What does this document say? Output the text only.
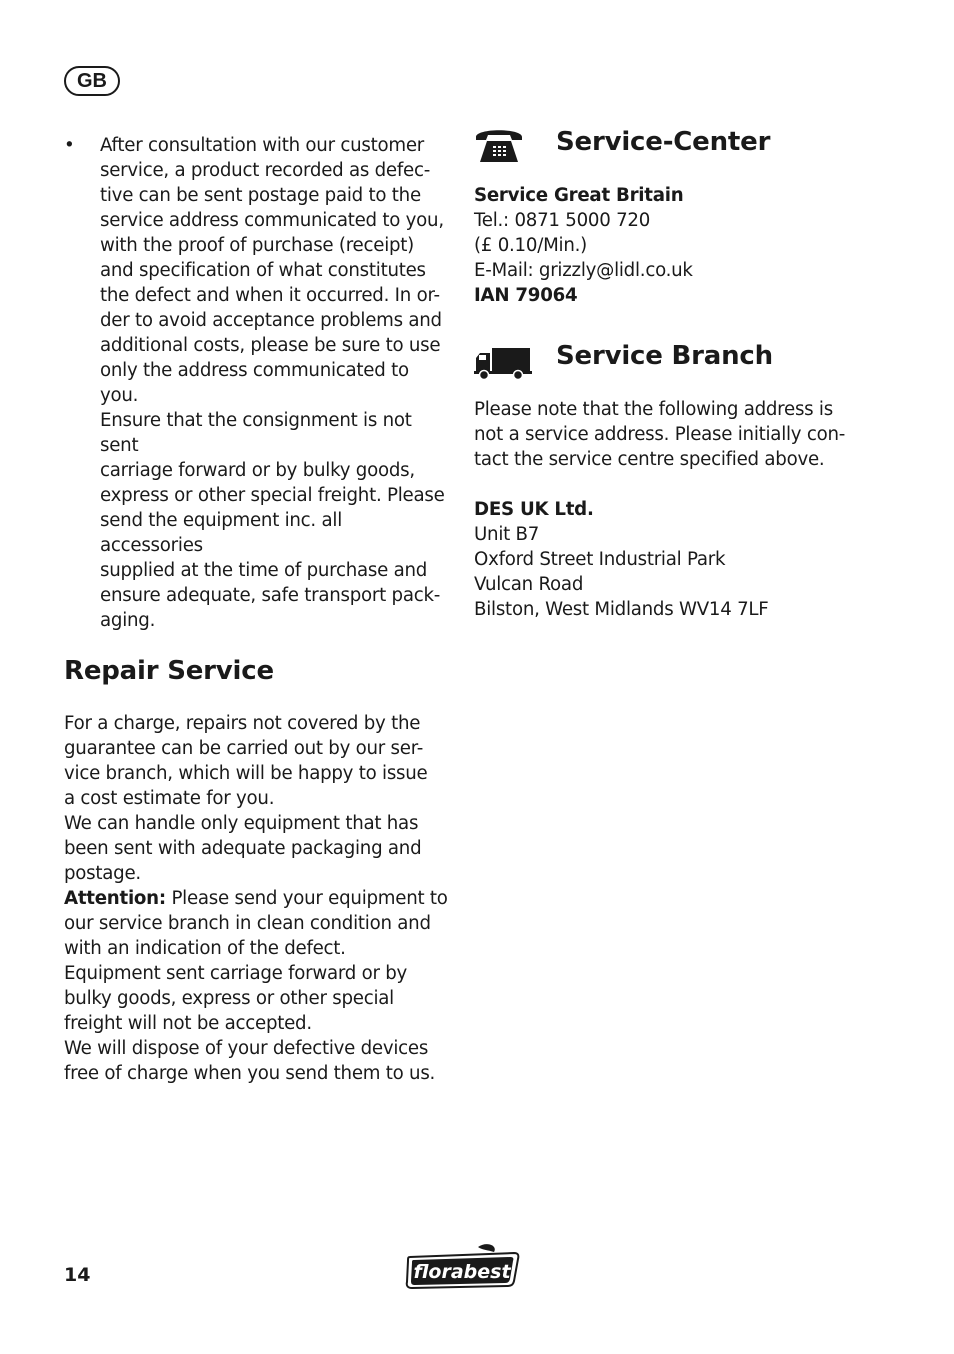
GB
• After consultation with our customer
service, a product recorded as defec-
tive can be sent postage paid to the
service address communicated to you,
with the proof of purchase (receipt)
and specification of what constitutes
the defect and when it occurred. In or-
der to avoid acceptance problems and
additional costs, please be sure to use
only the address communicated to you.
Ensure that the consignment is not sent
carriage forward or by bulky goods,
express or other special freight. Please
send the equipment inc. all accessories
supplied at the time of purchase and
ensure adequate, safe transport pack-
aging.
Repair Service
For a charge, repairs not covered by the
guarantee can be carried out by our ser-
vice branch, which will be happy to issue
a cost estimate for you.
We can handle only equipment that has
been sent with adequate packaging and
postage.
Attention: Please send your equipment to
our service branch in clean condition and
with an indication of the defect.
Equipment sent carriage forward or by
bulky goods, express or other special
freight will not be accepted.
We will dispose of your defective devices
free of charge when you send them to us.
Service-Center
Service Great Britain
Tel.: 0871 5000 720
(£ 0.10/Min.)
E-Mail: grizzly@lidl.co.uk
IAN 79064
Service Branch
Please note that the following address is
not a service address. Please initially con-
tact the service centre specified above.
DES UK Ltd.
Unit B7
Oxford Street Industrial Park
Vulcan Road
Bilston, West Midlands WV14 7LF
14	florabest
